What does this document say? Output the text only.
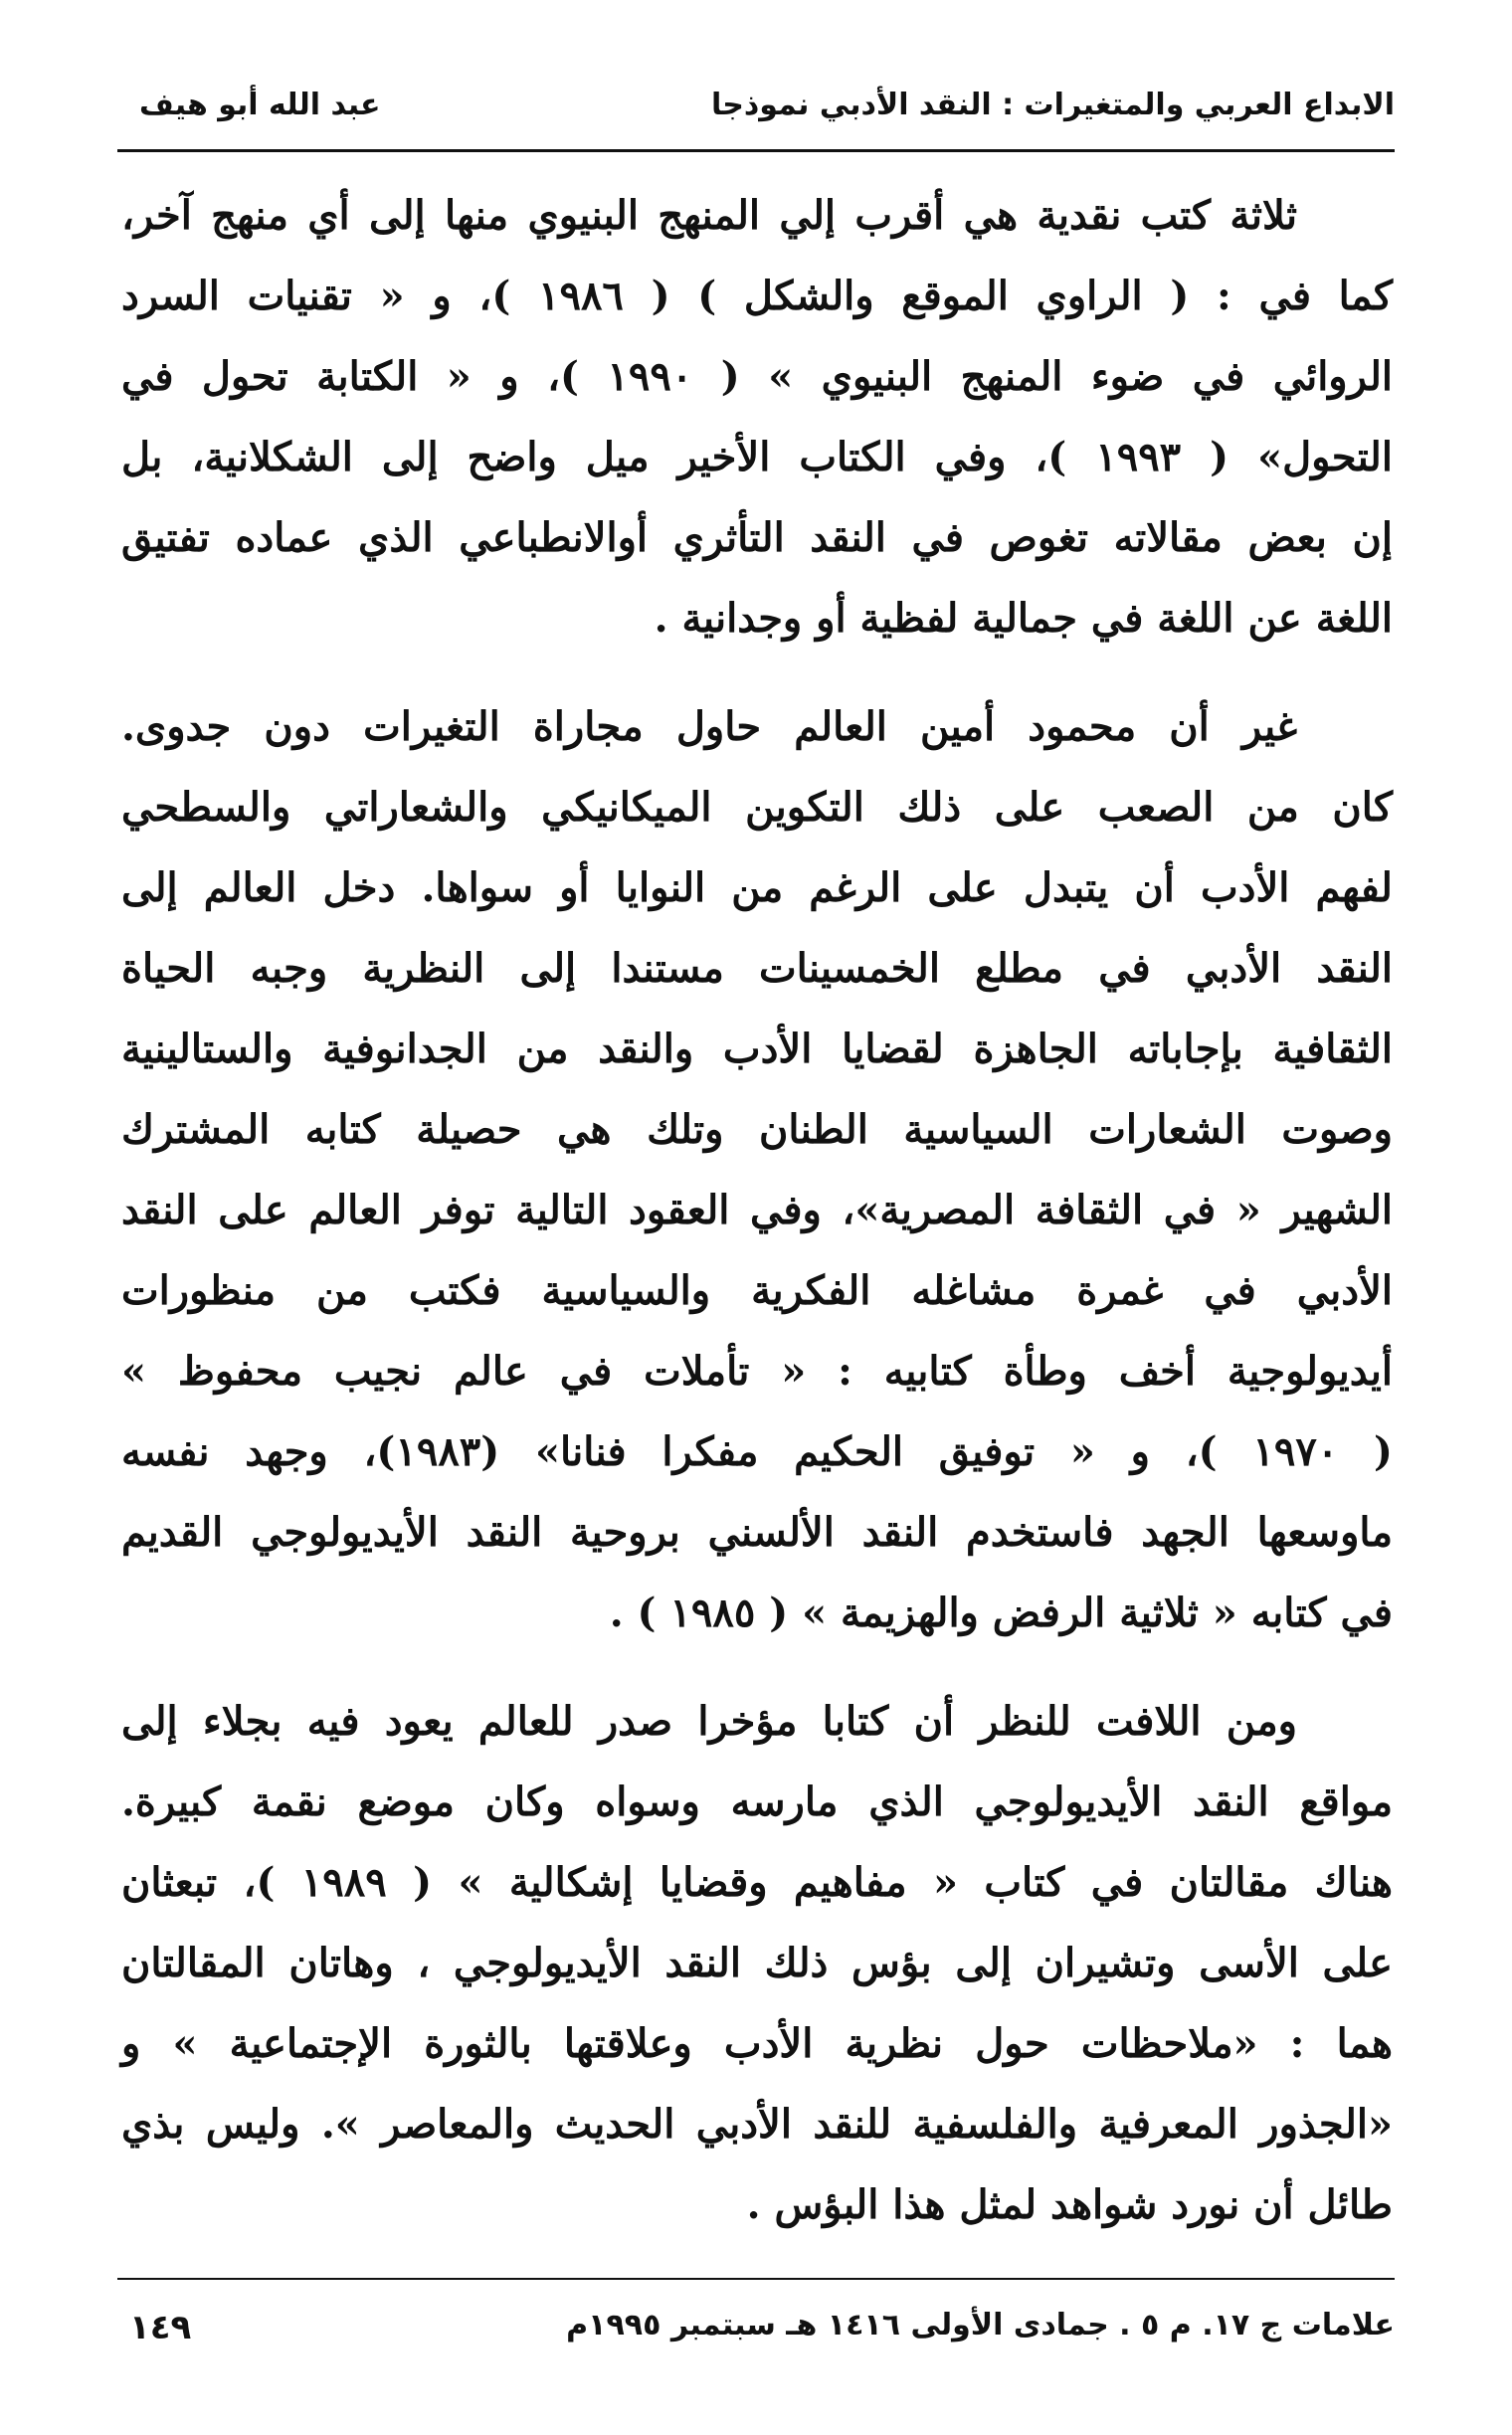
الابداع العربي والمتغيرات : النقد الأدبي نموذجا
عبد الله أبو هيف

ثلاثة كتب نقدية هي أقرب إلي المنهج البنيوي منها إلى أي منهج آخر،
كما في : ( الراوي الموقع والشكل ) ( ١٩٨٦ )، و « تقنيات السرد
الروائي في ضوء المنهج البنيوي » ( ١٩٩٠ )، و « الكتابة تحول في
التحول» ( ١٩٩٣ )، وفي الكتاب الأخير ميل واضح إلى الشكلانية، بل
إن بعض مقالاته تغوص في النقد التأثري أوالانطباعي الذي عماده تفتيق
اللغة عن اللغة في جمالية لفظية أو وجدانية .

غير أن محمود أمين العالم حاول مجاراة التغيرات دون جدوى.
كان من الصعب على ذلك التكوين الميكانيكي والشعاراتي والسطحي
لفهم الأدب أن يتبدل على الرغم من النوايا أو سواها. دخل العالم إلى
النقد الأدبي في مطلع الخمسينات مستندا إلى النظرية وجبه الحياة
الثقافية بإجاباته الجاهزة لقضايا الأدب والنقد من الجدانوفية والستالينية
وصوت الشعارات السياسية الطنان وتلك هي حصيلة كتابه المشترك
الشهير « في الثقافة المصرية»، وفي العقود التالية توفر العالم على النقد
الأدبي في غمرة مشاغله الفكرية والسياسية فكتب من منظورات
أيديولوجية أخف وطأة كتابيه : « تأملات في عالم نجيب محفوظ »
( ١٩٧٠ )، و « توفيق الحكيم مفكرا فنانا» (١٩٨٣)، وجهد نفسه
ماوسعها الجهد فاستخدم النقد الألسني بروحية النقد الأيديولوجي القديم
في كتابه « ثلاثية الرفض والهزيمة » ( ١٩٨٥ ) .

ومن اللافت للنظر أن كتابا مؤخرا صدر للعالم يعود فيه بجلاء إلى
مواقع النقد الأيديولوجي الذي مارسه وسواه وكان موضع نقمة كبيرة.
هناك مقالتان في كتاب « مفاهيم وقضايا إشكالية » ( ١٩٨٩ )، تبعثان
على الأسى وتشيران إلى بؤس ذلك النقد الأيديولوجي ، وهاتان المقالتان
هما : «ملاحظات حول نظرية الأدب وعلاقتها بالثورة الإجتماعية » و
«الجذور المعرفية والفلسفية للنقد الأدبي الحديث والمعاصر ». وليس بذي
طائل أن نورد شواهد لمثل هذا البؤس .

علامات ج ١٧. م ٥ . جمادى الأولى ١٤١٦ هـ سبتمبر ١٩٩٥م
١٤٩
